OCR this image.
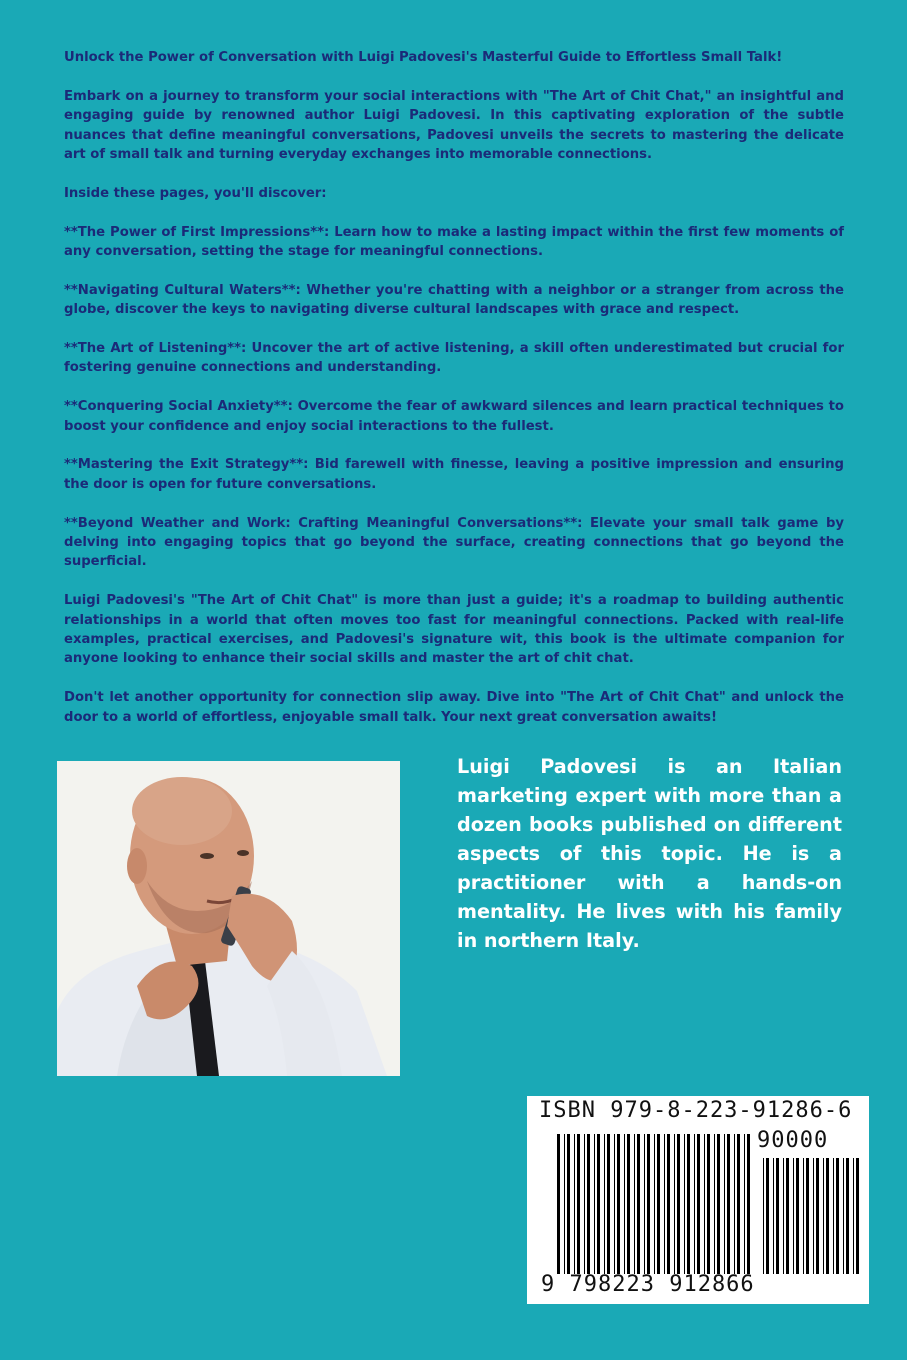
Unlock the Power of Conversation with Luigi Padovesi's Masterful Guide to Effortless Small Talk!

Embark on a journey to transform your social interactions with "The Art of Chit Chat," an insightful and engaging guide by renowned author Luigi Padovesi. In this captivating exploration of the subtle nuances that define meaningful conversations, Padovesi unveils the secrets to mastering the delicate art of small talk and turning everyday exchanges into memorable connections.

Inside these pages, you'll discover:

**The Power of First Impressions**: Learn how to make a lasting impact within the first few moments of any conversation, setting the stage for meaningful connections.

**Navigating Cultural Waters**: Whether you're chatting with a neighbor or a stranger from across the globe, discover the keys to navigating diverse cultural landscapes with grace and respect.

**The Art of Listening**: Uncover the art of active listening, a skill often underestimated but crucial for fostering genuine connections and understanding.

**Conquering Social Anxiety**: Overcome the fear of awkward silences and learn practical techniques to boost your confidence and enjoy social interactions to the fullest.

**Mastering the Exit Strategy**: Bid farewell with finesse, leaving a positive impression and ensuring the door is open for future conversations.

**Beyond Weather and Work: Crafting Meaningful Conversations**: Elevate your small talk game by delving into engaging topics that go beyond the surface, creating connections that go beyond the superficial.

Luigi Padovesi's "The Art of Chit Chat" is more than just a guide; it's a roadmap to building authentic relationships in a world that often moves too fast for meaningful connections. Packed with real-life examples, practical exercises, and Padovesi's signature wit, this book is the ultimate companion for anyone looking to enhance their social skills and master the art of chit chat.

Don't let another opportunity for connection slip away. Dive into "The Art of Chit Chat" and unlock the door to a world of effortless, enjoyable small talk. Your next great conversation awaits!

Luigi Padovesi is an Italian marketing expert with more than a dozen books published on different aspects of this topic. He is a practitioner with a hands-on mentality. He lives with his family in northern Italy.
ISBN 979-8-223-91286-6
90000
9 798223 912866
